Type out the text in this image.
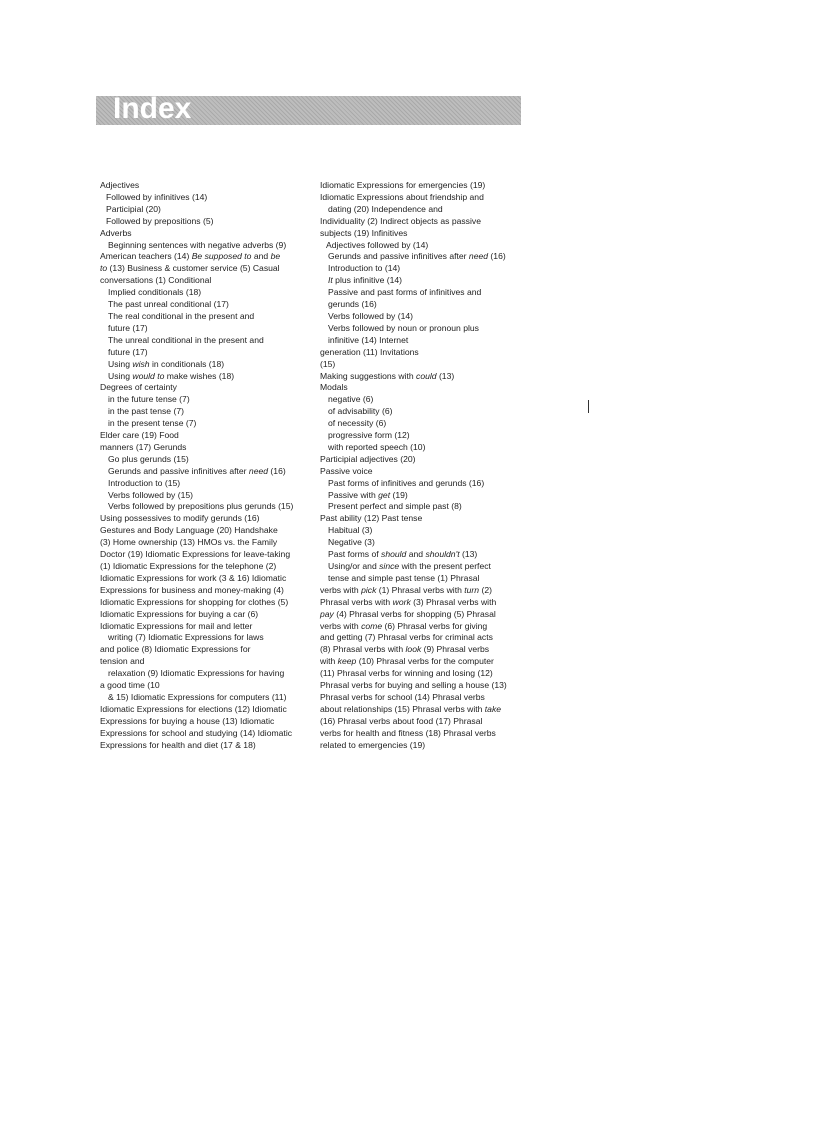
Index

Adjectives

Followed by infinitives (14)

Participial (20)

Followed by prepositions (5)

Adverbs

Beginning sentences with negative adverbs (9)

American teachers (14) Be supposed to and be

to (13) Business & customer service (5) Casual

conversations (1) Conditional

Implied conditionals (18)

The past unreal conditional (17)

The real conditional in the present and

future (17)

The unreal conditional in the present and

future (17)

Using wish in conditionals (18)

Using would to make wishes (18)

Degrees of certainty

in the future tense (7)

in the past tense (7)

in the present tense (7)

Elder care (19) Food

manners (17) Gerunds

Go plus gerunds (15)

Gerunds and passive infinitives after need (16)

Introduction to (15)

Verbs followed by (15)

Verbs followed by prepositions plus gerunds (15)

Using possessives to modify gerunds (16)

Gestures and Body Language (20) Handshake

(3) Home ownership (13) HMOs vs. the Family

Doctor (19) Idiomatic Expressions for leave-taking

(1) Idiomatic Expressions for the telephone (2)

Idiomatic Expressions for work (3 & 16) Idiomatic

Expressions for business and money-making (4)

Idiomatic Expressions for shopping for clothes (5)

Idiomatic Expressions for buying a car (6)

Idiomatic Expressions for mail and letter

writing (7) Idiomatic Expressions for laws

and police (8) Idiomatic Expressions for

tension and

relaxation (9) Idiomatic Expressions for having

a good time (10

& 15) Idiomatic Expressions for computers (11)

Idiomatic Expressions for elections (12) Idiomatic

Expressions for buying a house (13) Idiomatic

Expressions for school and studying (14) Idiomatic

Expressions for health and diet (17 & 18)

Idiomatic Expressions for emergencies (19)

Idiomatic Expressions about friendship and

dating (20) Independence and

Individuality (2) Indirect objects as passive

subjects (19) Infinitives

Adjectives followed by (14)

Gerunds and passive infinitives after need (16)

Introduction to (14)

It plus infinitive (14)

Passive and past forms of infinitives and

gerunds (16)

Verbs followed by (14)

Verbs followed by noun or pronoun plus

infinitive (14) Internet

generation (11) Invitations

(15)

Making suggestions with could (13)

Modals

negative (6)

of advisability (6)

of necessity (6)

progressive form (12)

with reported speech (10)

Participial adjectives (20)

Passive voice

Past forms of infinitives and gerunds (16)

Passive with get (19)

Present perfect and simple past (8)

Past ability (12) Past tense

Habitual (3)

Negative (3)

Past forms of should and shouldn't (13)

Using/or and since with the present perfect

tense and simple past tense (1) Phrasal

verbs with pick (1) Phrasal verbs with turn (2)

Phrasal verbs with work (3) Phrasal verbs with

pay (4) Phrasal verbs for shopping (5) Phrasal

verbs with come (6) Phrasal verbs for giving

and getting (7) Phrasal verbs for criminal acts

(8) Phrasal verbs with look (9) Phrasal verbs

with keep (10) Phrasal verbs for the computer

(11) Phrasal verbs for winning and losing (12)

Phrasal verbs for buying and selling a house (13)

Phrasal verbs for school (14) Phrasal verbs

about relationships (15) Phrasal verbs with take

(16) Phrasal verbs about food (17) Phrasal

verbs for health and fitness (18) Phrasal verbs

related to emergencies (19)
